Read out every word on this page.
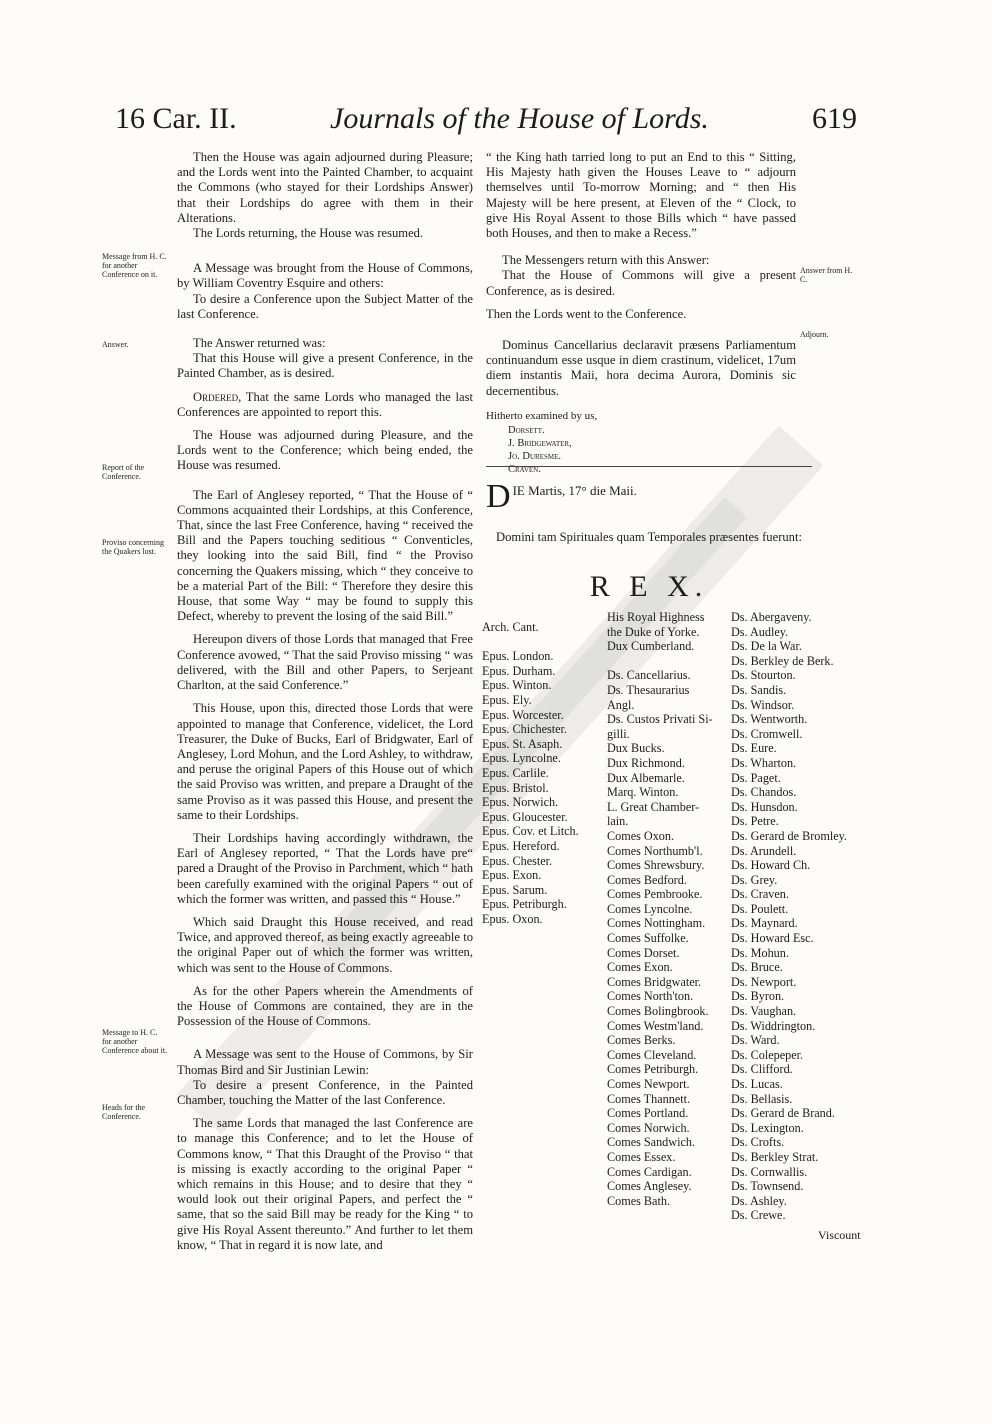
16 Car. II.	Journals of the House of Lords.	619

Then the House was again adjourned during Pleasure; and the Lords went into the Painted Chamber, to acquaint the Commons (who stayed for their Lordships Answer) that their Lordships do agree with them in their Alterations.

The Lords returning, the House was resumed.

A Message was brought from the House of Commons, by William Coventry Esquire and others:

To desire a Conference upon the Subject Matter of the last Conference.

The Answer returned was:

That this House will give a present Conference, in the Painted Chamber, as is desired.

Ordered, That the same Lords who managed the last Conferences are appointed to report this.

The House was adjourned during Pleasure, and the Lords went to the Conference; which being ended, the House was resumed.

The Earl of Anglesey reported, “ That the House of “ Commons acquainted their Lordships, at this Conference, That, since the last Free Conference, having “ received the Bill and the Papers touching seditious “ Conventicles, they looking into the said Bill, find “ the Proviso concerning the Quakers missing, which “ they conceive to be a material Part of the Bill: “ Therefore they desire this House, that some Way “ may be found to supply this Defect, whereby to prevent the losing of the said Bill.”

Hereupon divers of those Lords that managed that Free Conference avowed, “ That the said Proviso missing “ was delivered, with the Bill and other Papers, to Serjeant Charlton, at the said Conference.”

This House, upon this, directed those Lords that were appointed to manage that Conference, videlicet, the Lord Treasurer, the Duke of Bucks, Earl of Bridgwater, Earl of Anglesey, Lord Mohun, and the Lord Ashley, to withdraw, and peruse the original Papers of this House out of which the said Proviso was written, and prepare a Draught of the same Proviso as it was passed this House, and present the same to their Lordships.

Their Lordships having accordingly withdrawn, the Earl of Anglesey reported, “ That the Lords have pre“ pared a Draught of the Proviso in Parchment, which “ hath been carefully examined with the original Papers “ out of which the former was written, and passed this “ House.”

Which said Draught this House received, and read Twice, and approved thereof, as being exactly agreeable to the original Paper out of which the former was written, which was sent to the House of Commons.

As for the other Papers wherein the Amendments of the House of Commons are contained, they are in the Possession of the House of Commons.

A Message was sent to the House of Commons, by Sir Thomas Bird and Sir Justinian Lewin:

To desire a present Conference, in the Painted Chamber, touching the Matter of the last Conference.

The same Lords that managed the last Conference are to manage this Conference; and to let the House of Commons know, “ That this Draught of the Proviso “ that is missing is exactly according to the original Paper “ which remains in this House; and to desire that they “ would look out their original Papers, and perfect the “ same, that so the said Bill may be ready for the King “ to give His Royal Assent thereunto.” And further to let them know, “ That in regard it is now late, and

Message from H. C. for another Conference on it.
Answer.
Report of the Conference.
Proviso concerning the Quakers lost.
Message to H. C. for another Conference about it.
Heads for the Conference.

“ the King hath tarried long to put an End to this “ Sitting, His Majesty hath given the Houses Leave to “ adjourn themselves until To-morrow Morning; and “ then His Majesty will be here present, at Eleven of the “ Clock, to give His Royal Assent to those Bills which “ have passed both Houses, and then to make a Recess.”

The Messengers return with this Answer:

That the House of Commons will give a present Conference, as is desired.

Then the Lords went to the Conference.

Dominus Cancellarius declaravit præsens Parliamentum continuandum esse usque in diem crastinum, videlicet, 17um diem instantis Maii, hora decima Aurora, Dominis sic decernentibus.

Hitherto examined by us,

Dorsett.
J. Bridgewater,
Jo. Duresme.
Craven.
Answer from H. C.
Adjourn.
D IE Martis, 17° die Maii.
Domini tam Spirituales quam Temporales præsentes fuerunt:
R E X.
Arch. Cant.
Epus. London.
Epus. Durham.
Epus. Winton.
Epus. Ely.
Epus. Worcester.
Epus. Chichester.
Epus. St. Asaph.
Epus. Lyncolne.
Epus. Carlile.
Epus. Bristol.
Epus. Norwich.
Epus. Gloucester.
Epus. Cov. et Litch.
Epus. Hereford.
Epus. Chester.
Epus. Exon.
Epus. Sarum.
Epus. Petriburgh.
Epus. Oxon.
His Royal Highness
the Duke of Yorke.
Dux Cumberland.
Ds. Cancellarius.
Ds. Thesaurarius
Angl.
Ds. Custos Privati Si-
gilli.
Dux Bucks.
Dux Richmond.
Dux Albemarle.
Marq. Winton.
L. Great Chamber-
lain.
Comes Oxon.
Comes Northumb'l.
Comes Shrewsbury.
Comes Bedford.
Comes Pembrooke.
Comes Lyncolne.
Comes Nottingham.
Comes Suffolke.
Comes Dorset.
Comes Exon.
Comes Bridgwater.
Comes North'ton.
Comes Bolingbrook.
Comes Westm'land.
Comes Berks.
Comes Cleveland.
Comes Petriburgh.
Comes Newport.
Comes Thannett.
Comes Portland.
Comes Norwich.
Comes Sandwich.
Comes Essex.
Comes Cardigan.
Comes Anglesey.
Comes Bath.
Ds. Abergaveny.
Ds. Audley.
Ds. De la War.
Ds. Berkley de Berk.
Ds. Stourton.
Ds. Sandis.
Ds. Windsor.
Ds. Wentworth.
Ds. Cromwell.
Ds. Eure.
Ds. Wharton.
Ds. Paget.
Ds. Chandos.
Ds. Hunsdon.
Ds. Petre.
Ds. Gerard de Bromley.
Ds. Arundell.
Ds. Howard Ch.
Ds. Grey.
Ds. Craven.
Ds. Poulett.
Ds. Maynard.
Ds. Howard Esc.
Ds. Mohun.
Ds. Bruce.
Ds. Newport.
Ds. Byron.
Ds. Vaughan.
Ds. Widdrington.
Ds. Ward.
Ds. Colepeper.
Ds. Clifford.
Ds. Lucas.
Ds. Bellasis.
Ds. Gerard de Brand.
Ds. Lexington.
Ds. Crofts.
Ds. Berkley Strat.
Ds. Cornwallis.
Ds. Townsend.
Ds. Ashley.
Ds. Crewe.
Viscount
